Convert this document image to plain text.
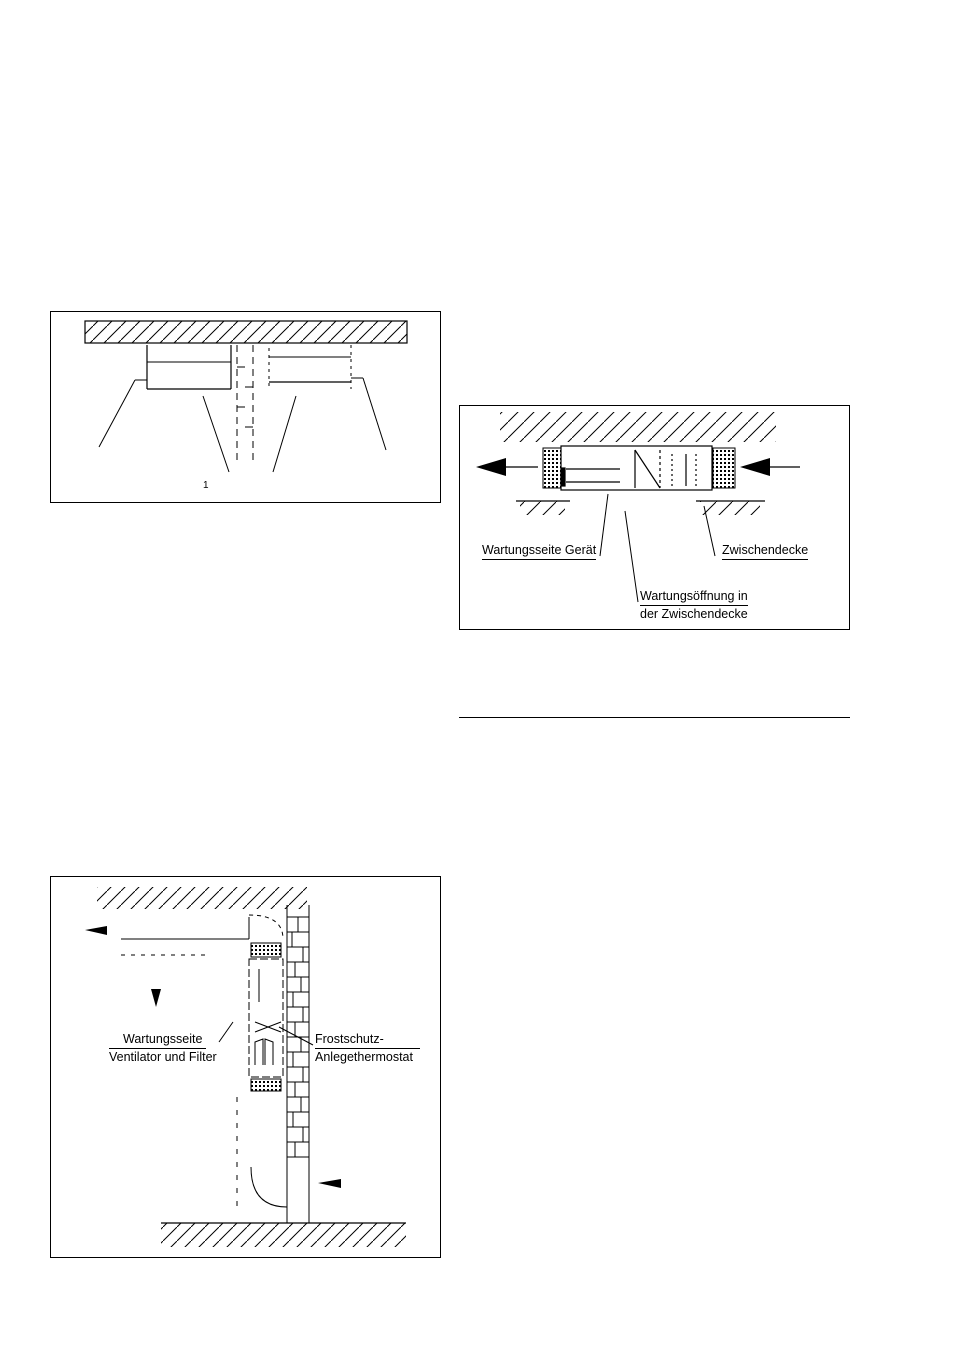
1
Wartungsseite Gerät	Zwischendecke
Wartungsöffnung in
der Zwischendecke
Wartungsseite
Ventilator und Filter
Frostschutz-
Anlegethermostat
